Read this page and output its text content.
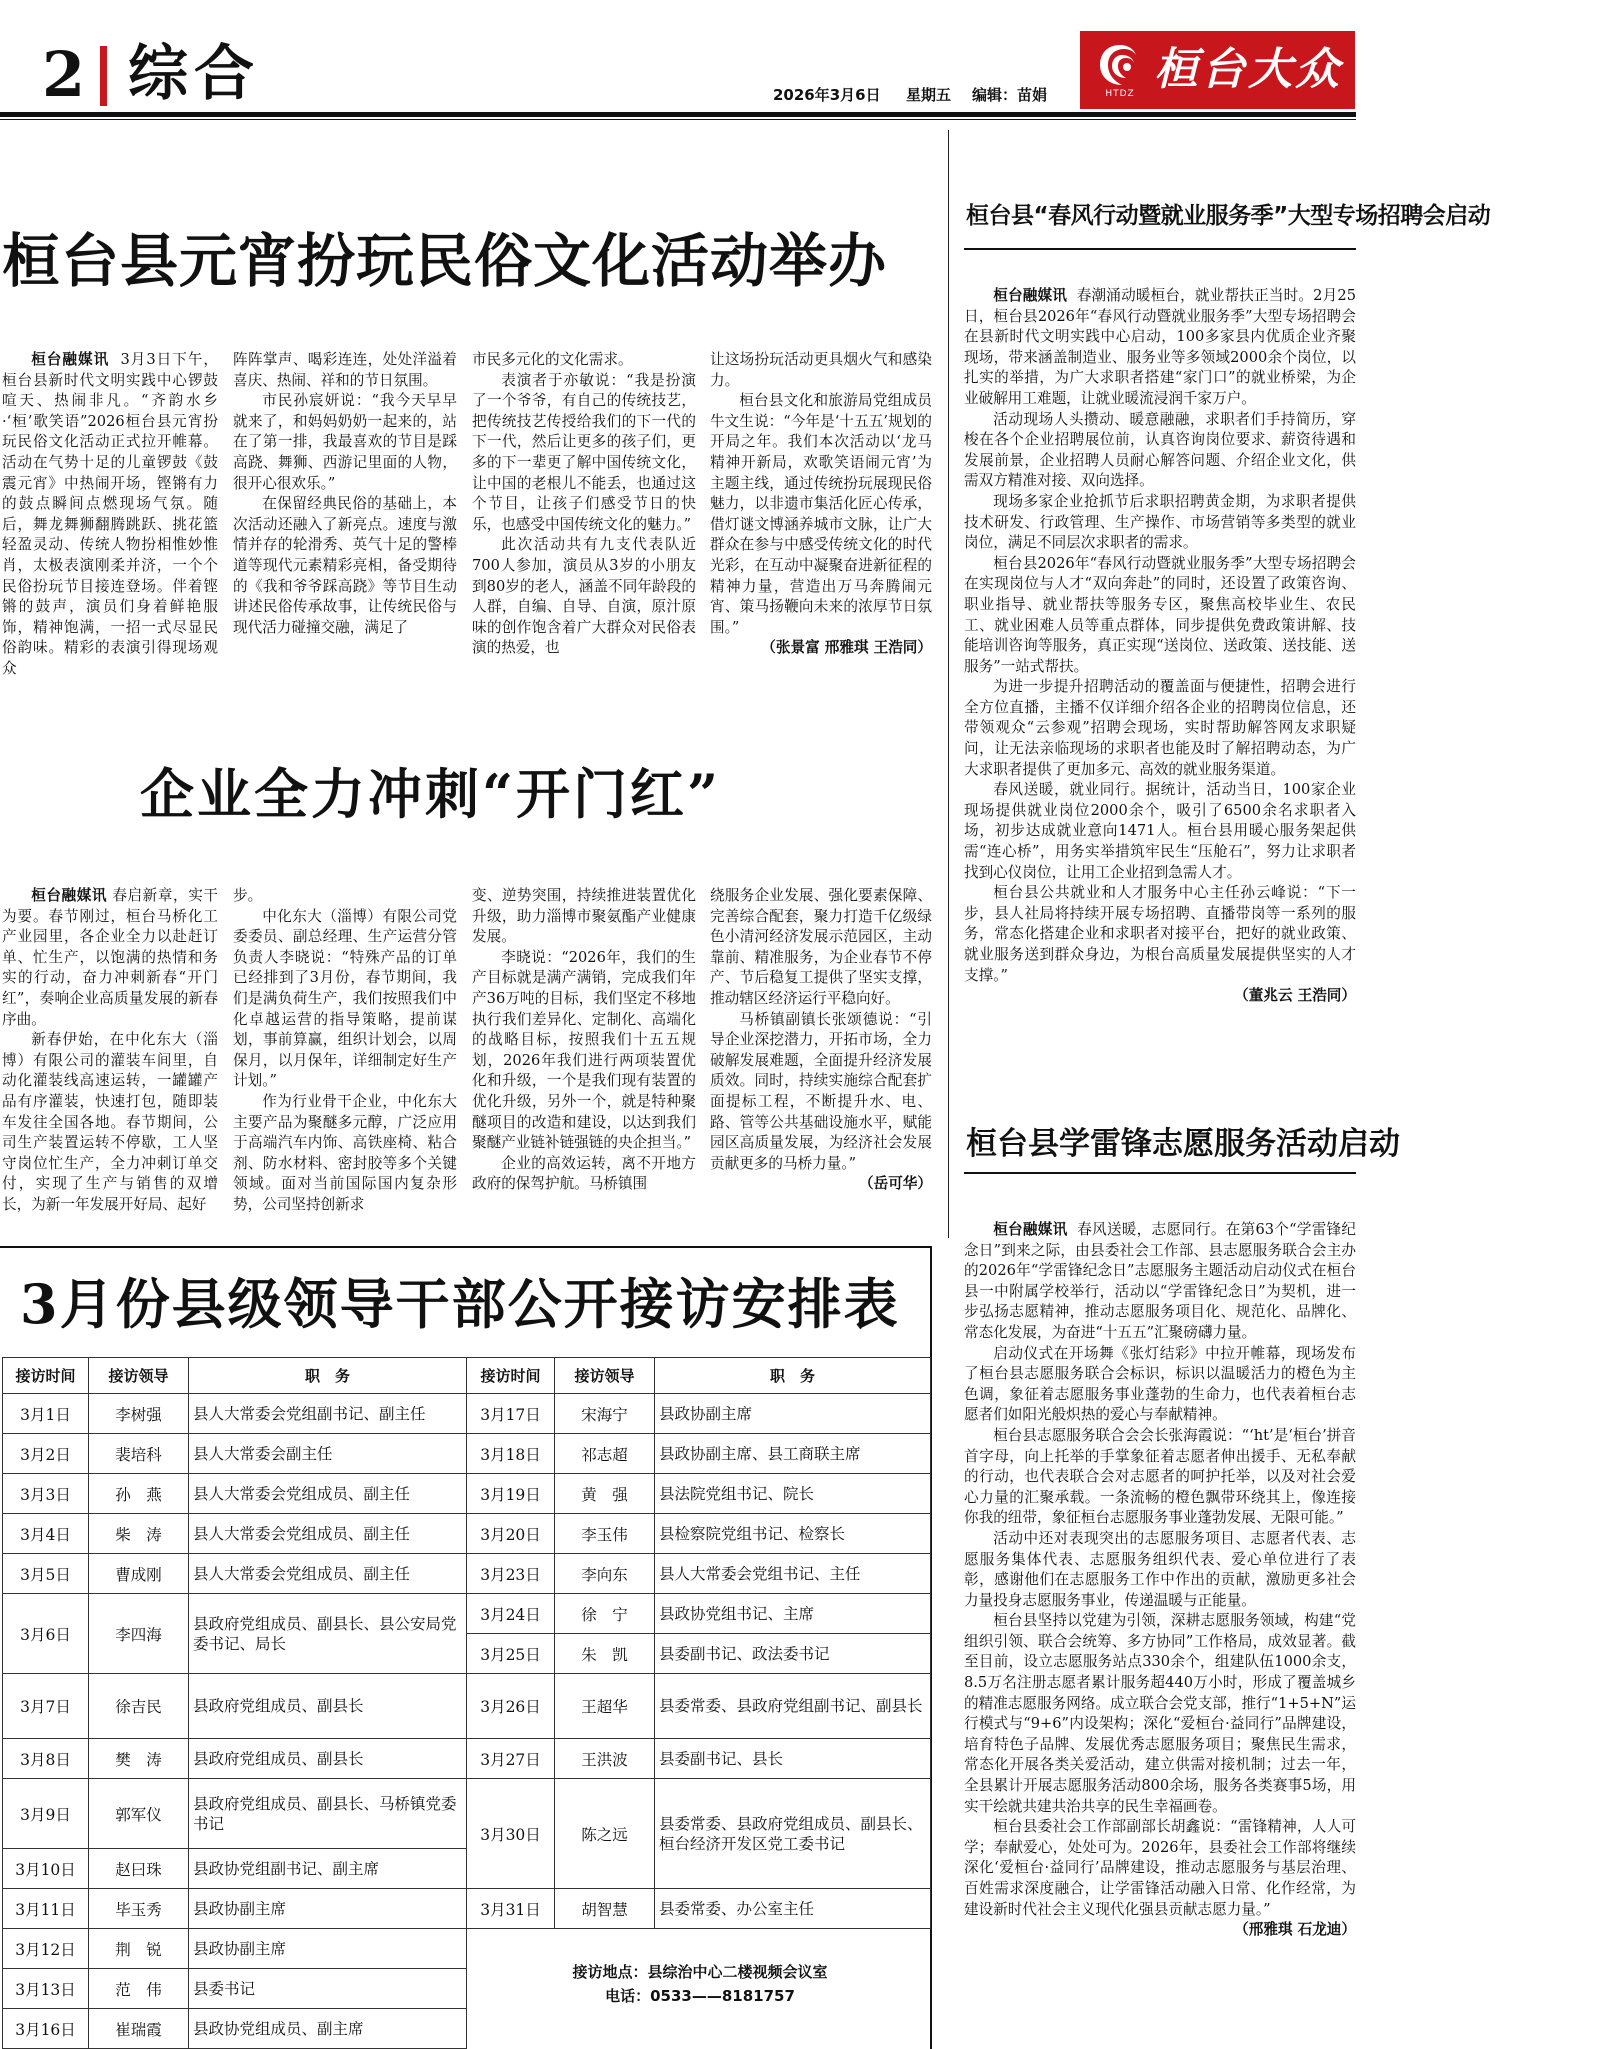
2 综合	2026年3月6日 星期五 编辑：苗娟	HTDZ 桓台大众
桓台县元宵扮玩民俗文化活动举办

桓台融媒讯 3月3日下午，桓台县新时代文明实践中心锣鼓喧天、热闹非凡。“齐韵水乡·‘桓’歌笑语”2026桓台县元宵扮玩民俗文化活动正式拉开帷幕。活动在气势十足的儿童锣鼓《鼓震元宵》中热闹开场，铿锵有力的鼓点瞬间点燃现场气氛。随后，舞龙舞狮翻腾跳跃、挑花篮轻盈灵动、传统人物扮相惟妙惟肖，太极表演刚柔并济，一个个民俗扮玩节目接连登场。伴着铿锵的鼓声，演员们身着鲜艳服饰，精神饱满，一招一式尽显民俗韵味。精彩的表演引得现场观众

阵阵掌声、喝彩连连，处处洋溢着喜庆、热闹、祥和的节日氛围。

市民孙宸妍说：“我今天早早就来了，和妈妈奶奶一起来的，站在了第一排，我最喜欢的节目是踩高跷、舞狮、西游记里面的人物，很开心很欢乐。”

在保留经典民俗的基础上，本次活动还融入了新亮点。速度与激情并存的轮滑秀、英气十足的警棒道等现代元素精彩亮相，备受期待的《我和爷爷踩高跷》等节目生动讲述民俗传承故事，让传统民俗与现代活力碰撞交融，满足了

市民多元化的文化需求。

表演者于亦敏说：“我是扮演了一个爷爷，有自己的传统技艺，把传统技艺传授给我们的下一代的下一代，然后让更多的孩子们，更多的下一辈更了解中国传统文化，让中国的老根儿不能丢，也通过这个节目，让孩子们感受节日的快乐，也感受中国传统文化的魅力。”

此次活动共有九支代表队近700人参加，演员从3岁的小朋友到80岁的老人，涵盖不同年龄段的人群，自编、自导、自演，原汁原味的创作饱含着广大群众对民俗表演的热爱，也

让这场扮玩活动更具烟火气和感染力。

桓台县文化和旅游局党组成员牛文生说：“今年是‘十五五’规划的开局之年。我们本次活动以‘龙马精神开新局，欢歌笑语闹元宵’为主题主线，通过传统扮玩展现民俗魅力，以非遗市集活化匠心传承，借灯谜文博涵养城市文脉，让广大群众在参与中感受传统文化的时代光彩，在互动中凝聚奋进新征程的精神力量，营造出万马奔腾闹元宵、策马扬鞭向未来的浓厚节日氛围。”

（张景富 邢雅琪 王浩同）

企业全力冲刺“开门红”

桓台融媒讯 春启新章，实干为要。春节刚过，桓台马桥化工产业园里，各企业全力以赴赶订单、忙生产，以饱满的热情和务实的行动，奋力冲刺新春“开门红”，奏响企业高质量发展的新春序曲。

新春伊始，在中化东大（淄博）有限公司的灌装车间里，自动化灌装线高速运转，一罐罐产品有序灌装，快速打包，随即装车发往全国各地。春节期间，公司生产装置运转不停歇，工人坚守岗位忙生产，全力冲刺订单交付，实现了生产与销售的双增长，为新一年发展开好局、起好

步。

中化东大（淄博）有限公司党委委员、副总经理、生产运营分管负责人李晓说：“特殊产品的订单已经排到了3月份，春节期间，我们是满负荷生产，我们按照我们中化卓越运营的指导策略，提前谋划，事前算赢，组织计划会，以周保月，以月保年，详细制定好生产计划。”

作为行业骨干企业，中化东大主要产品为聚醚多元醇，广泛应用于高端汽车内饰、高铁座椅、粘合剂、防水材料、密封胶等多个关键领域。面对当前国际国内复杂形势，公司坚持创新求

变、逆势突围，持续推进装置优化升级，助力淄博市聚氨酯产业健康发展。

李晓说：“2026年，我们的生产目标就是满产满销，完成我们年产36万吨的目标，我们坚定不移地执行我们差异化、定制化、高端化的战略目标，按照我们十五五规划，2026年我们进行两项装置优化和升级，一个是我们现有装置的优化升级，另外一个，就是特种聚醚项目的改造和建设，以达到我们聚醚产业链补链强链的央企担当。”

企业的高效运转，离不开地方政府的保驾护航。马桥镇围

绕服务企业发展、强化要素保障、完善综合配套，聚力打造千亿级绿色小清河经济发展示范园区，主动靠前、精准服务，为企业春节不停产、节后稳复工提供了坚实支撑，推动辖区经济运行平稳向好。

马桥镇副镇长张颂德说：“引导企业深挖潜力，开拓市场，全力破解发展难题，全面提升经济发展质效。同时，持续实施综合配套扩面提标工程，不断提升水、电、路、管等公共基础设施水平，赋能园区高质量发展，为经济社会发展贡献更多的马桥力量。”

（岳可华）

桓台县“春风行动暨就业服务季”大型专场招聘会启动

桓台融媒讯 春潮涌动暖桓台，就业帮扶正当时。2月25日，桓台县2026年“春风行动暨就业服务季”大型专场招聘会在县新时代文明实践中心启动，100多家县内优质企业齐聚现场，带来涵盖制造业、服务业等多领域2000余个岗位，以扎实的举措，为广大求职者搭建“家门口”的就业桥梁，为企业破解用工难题，让就业暖流浸润千家万户。

活动现场人头攒动、暖意融融，求职者们手持简历，穿梭在各个企业招聘展位前，认真咨询岗位要求、薪资待遇和发展前景，企业招聘人员耐心解答问题、介绍企业文化，供需双方精准对接、双向选择。

现场多家企业抢抓节后求职招聘黄金期，为求职者提供技术研发、行政管理、生产操作、市场营销等多类型的就业岗位，满足不同层次求职者的需求。

桓台县2026年“春风行动暨就业服务季”大型专场招聘会在实现岗位与人才“双向奔赴”的同时，还设置了政策咨询、职业指导、就业帮扶等服务专区，聚焦高校毕业生、农民工、就业困难人员等重点群体，同步提供免费政策讲解、技能培训咨询等服务，真正实现“送岗位、送政策、送技能、送服务”一站式帮扶。

为进一步提升招聘活动的覆盖面与便捷性，招聘会进行全方位直播，主播不仅详细介绍各企业的招聘岗位信息，还带领观众“云参观”招聘会现场，实时帮助解答网友求职疑问，让无法亲临现场的求职者也能及时了解招聘动态，为广大求职者提供了更加多元、高效的就业服务渠道。

春风送暖，就业同行。据统计，活动当日，100家企业现场提供就业岗位2000余个，吸引了6500余名求职者入场，初步达成就业意向1471人。桓台县用暖心服务架起供需“连心桥”，用务实举措筑牢民生“压舱石”，努力让求职者找到心仪岗位，让用工企业招到急需人才。

桓台县公共就业和人才服务中心主任孙云峰说：“下一步，县人社局将持续开展专场招聘、直播带岗等一系列的服务，常态化搭建企业和求职者对接平台，把好的就业政策、就业服务送到群众身边，为根台高质量发展提供坚实的人才支撑。”

（董兆云 王浩同）

桓台县学雷锋志愿服务活动启动

桓台融媒讯 春风送暖，志愿同行。在第63个“学雷锋纪念日”到来之际，由县委社会工作部、县志愿服务联合会主办的2026年“学雷锋纪念日”志愿服务主题活动启动仪式在桓台县一中附属学校举行，活动以“学雷锋纪念日”为契机，进一步弘扬志愿精神，推动志愿服务项目化、规范化、品牌化、常态化发展，为奋进“十五五”汇聚磅礴力量。

启动仪式在开场舞《张灯结彩》中拉开帷幕，现场发布了桓台县志愿服务联合会标识，标识以温暖活力的橙色为主色调，象征着志愿服务事业蓬勃的生命力，也代表着桓台志愿者们如阳光般炽热的爱心与奉献精神。

桓台县志愿服务联合会会长张海霞说：“‘ht’是‘桓台’拼音首字母，向上托举的手掌象征着志愿者伸出援手、无私奉献的行动，也代表联合会对志愿者的呵护托举，以及对社会爱心力量的汇聚承载。一条流畅的橙色飘带环绕其上，像连接你我的纽带，象征桓台志愿服务事业蓬勃发展、无限可能。”

活动中还对表现突出的志愿服务项目、志愿者代表、志愿服务集体代表、志愿服务组织代表、爱心单位进行了表彰，感谢他们在志愿服务工作中作出的贡献，激励更多社会力量投身志愿服务事业，传递温暖与正能量。

桓台县坚持以党建为引领，深耕志愿服务领域，构建“党组织引领、联合会统筹、多方协同”工作格局，成效显著。截至目前，设立志愿服务站点330余个，组建队伍1000余支，8.5万名注册志愿者累计服务超440万小时，形成了覆盖城乡的精准志愿服务网络。成立联合会党支部，推行“1+5+N”运行模式与“9+6”内设架构；深化“爱桓台·益同行”品牌建设，培育特色子品牌、发展优秀志愿服务项目；聚焦民生需求，常态化开展各类关爱活动，建立供需对接机制；过去一年，全县累计开展志愿服务活动800余场，服务各类赛事5场，用实干绘就共建共治共享的民生幸福画卷。

桓台县委社会工作部副部长胡鑫说：“雷锋精神，人人可学；奉献爱心，处处可为。2026年，县委社会工作部将继续深化‘爱桓台·益同行’品牌建设，推动志愿服务与基层治理、百姓需求深度融合，让学雷锋活动融入日常、化作经常，为建设新时代社会主义现代化强县贡献志愿力量。”

（邢雅琪 石龙迪）

3月份县级领导干部公开接访安排表
接访时间	接访领导	职　务
3月1日	李树强	县人大常委会党组副书记、副主任
3月2日	裴培科	县人大常委会副主任
3月3日	孙　燕	县人大常委会党组成员、副主任
3月4日	柴　涛	县人大常委会党组成员、副主任
3月5日	曹成刚	县人大常委会党组成员、副主任
3月6日	李四海	县政府党组成员、副县长、县公安局党委书记、局长
3月7日	徐吉民	县政府党组成员、副县长
3月8日	樊　涛	县政府党组成员、副县长
3月9日	郭军仪	县政府党组成员、副县长、马桥镇党委书记
3月10日	赵曰珠	县政协党组副书记、副主席
3月11日	毕玉秀	县政协副主席
3月12日	荆　锐	县政协副主席
3月13日	范　伟	县委书记
3月16日	崔瑞霞	县政协党组成员、副主席
接访时间	接访领导	职　务
3月17日	宋海宁	县政协副主席
3月18日	祁志超	县政协副主席、县工商联主席
3月19日	黄　强	县法院党组书记、院长
3月20日	李玉伟	县检察院党组书记、检察长
3月23日	李向东	县人大常委会党组书记、主任
3月24日	徐　宁	县政协党组书记、主席
3月25日	朱　凯	县委副书记、政法委书记
3月26日	王超华	县委常委、县政府党组副书记、副县长
3月27日	王洪波	县委副书记、县长
3月30日	陈之远	县委常委、县政府党组成员、副县长、桓台经济开发区党工委书记
3月31日	胡智慧	县委常委、办公室主任
接访地点：县综治中心二楼视频会议室
电话：0533——8181757
